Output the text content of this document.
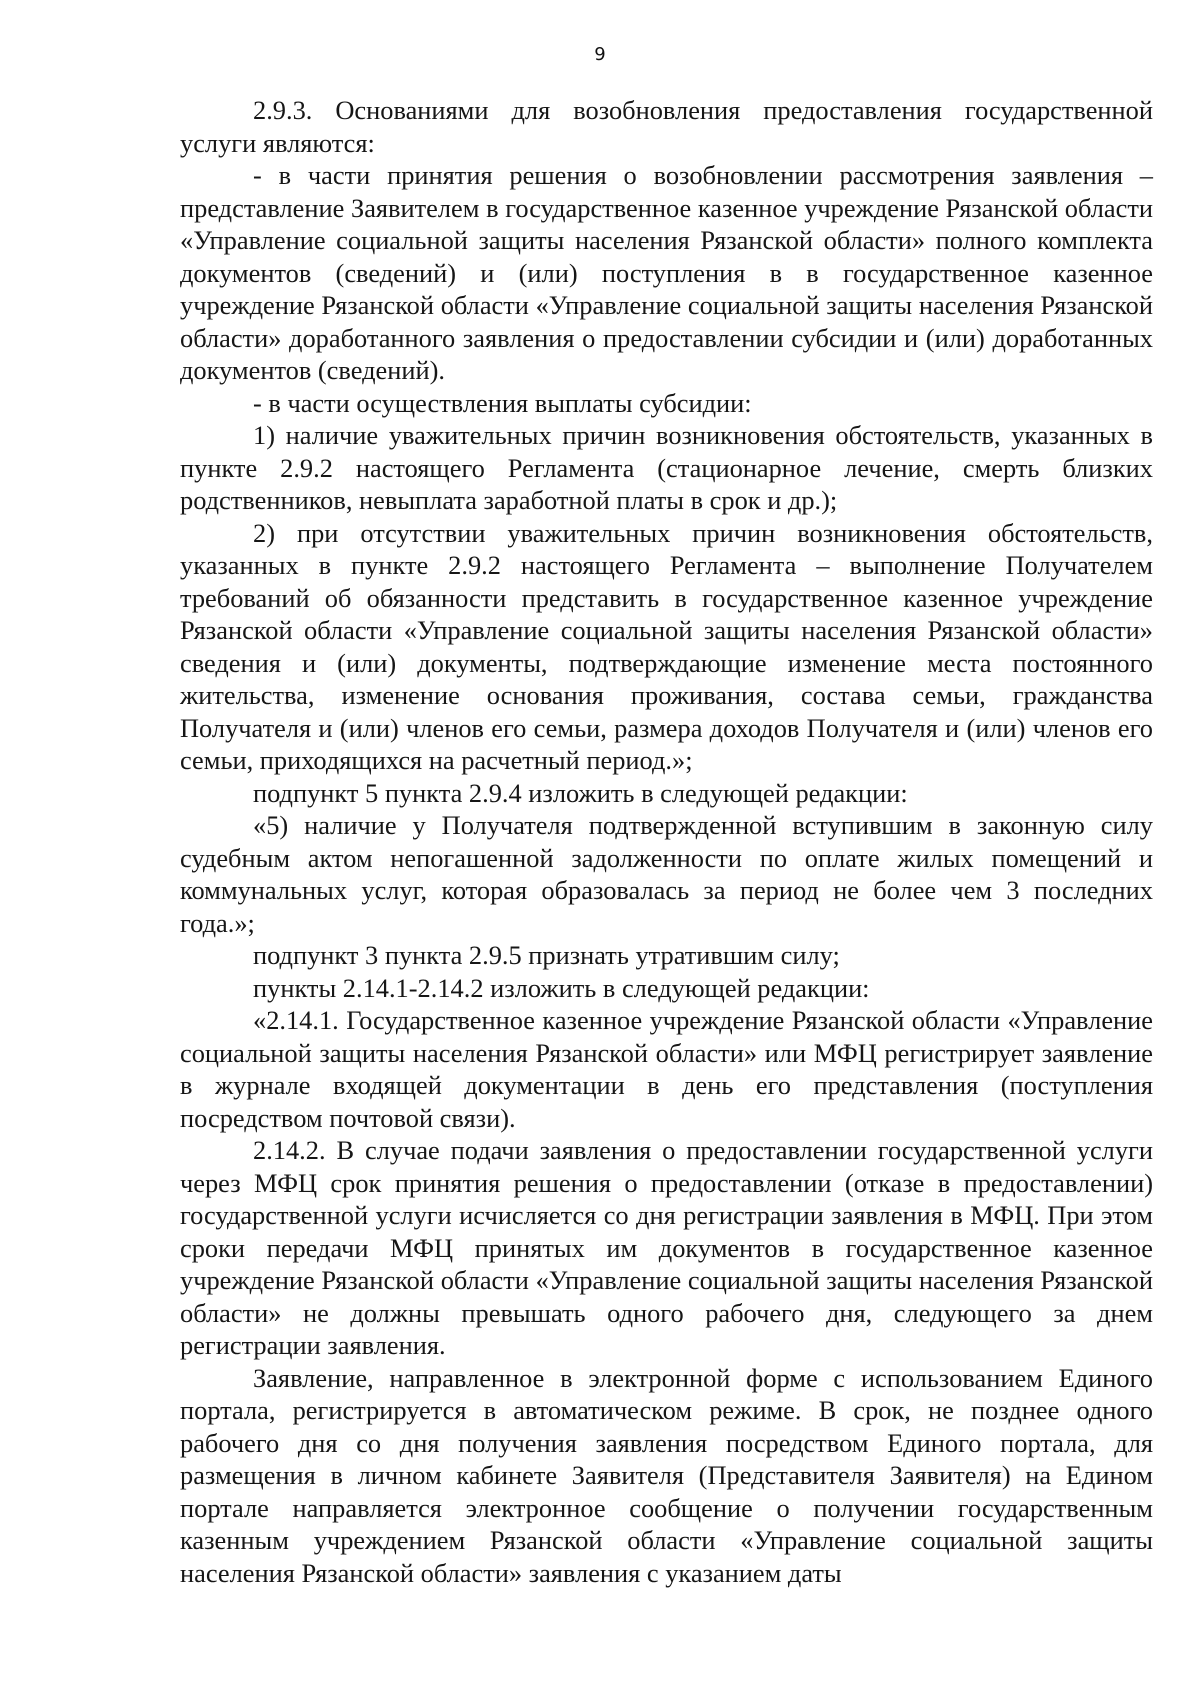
9

2.9.3. Основаниями для возобновления предоставления государственной услуги являются:

- в части принятия решения о возобновлении рассмотрения заявления – представление Заявителем в государственное казенное учреждение Рязанской области «Управление социальной защиты населения Рязанской области» полного комплекта документов (сведений) и (или) поступления в в государственное казенное учреждение Рязанской области «Управление социальной защиты населения Рязанской области» доработанного заявления о предоставлении субсидии и (или) доработанных документов (сведений).

- в части осуществления выплаты субсидии:

1) наличие уважительных причин возникновения обстоятельств, указанных в пункте 2.9.2 настоящего Регламента (стационарное лечение, смерть близких родственников, невыплата заработной платы в срок и др.);

2) при отсутствии уважительных причин возникновения обстоятельств, указанных в пункте 2.9.2 настоящего Регламента – выполнение Получателем требований об обязанности представить в государственное казенное учреждение Рязанской области «Управление социальной защиты населения Рязанской области» сведения и (или) документы, подтверждающие изменение места постоянного жительства, изменение основания проживания, состава семьи, гражданства Получателя и (или) членов его семьи, размера доходов Получателя и (или) членов его семьи, приходящихся на расчетный период.»;

подпункт 5 пункта 2.9.4 изложить в следующей редакции:

«5) наличие у Получателя подтвержденной вступившим в законную силу судебным актом непогашенной задолженности по оплате жилых помещений и коммунальных услуг, которая образовалась за период не более чем 3 последних года.»;

подпункт 3 пункта 2.9.5 признать утратившим силу;

пункты 2.14.1-2.14.2 изложить в следующей редакции:

«2.14.1. Государственное казенное учреждение Рязанской области «Управление социальной защиты населения Рязанской области» или МФЦ регистрирует заявление в журнале входящей документации в день его представления (поступления посредством почтовой связи).

2.14.2. В случае подачи заявления о предоставлении государственной услуги через МФЦ срок принятия решения о предоставлении (отказе в предоставлении) государственной услуги исчисляется со дня регистрации заявления в МФЦ. При этом сроки передачи МФЦ принятых им документов в государственное казенное учреждение Рязанской области «Управление социальной защиты населения Рязанской области» не должны превышать одного рабочего дня, следующего за днем регистрации заявления.

Заявление, направленное в электронной форме с использованием Единого портала, регистрируется в автоматическом режиме. В срок, не позднее одного рабочего дня со дня получения заявления посредством Единого портала, для размещения в личном кабинете Заявителя (Представителя Заявителя) на Едином портале направляется электронное сообщение о получении государственным казенным учреждением Рязанской области «Управление социальной защиты населения Рязанской области» заявления с указанием даты
